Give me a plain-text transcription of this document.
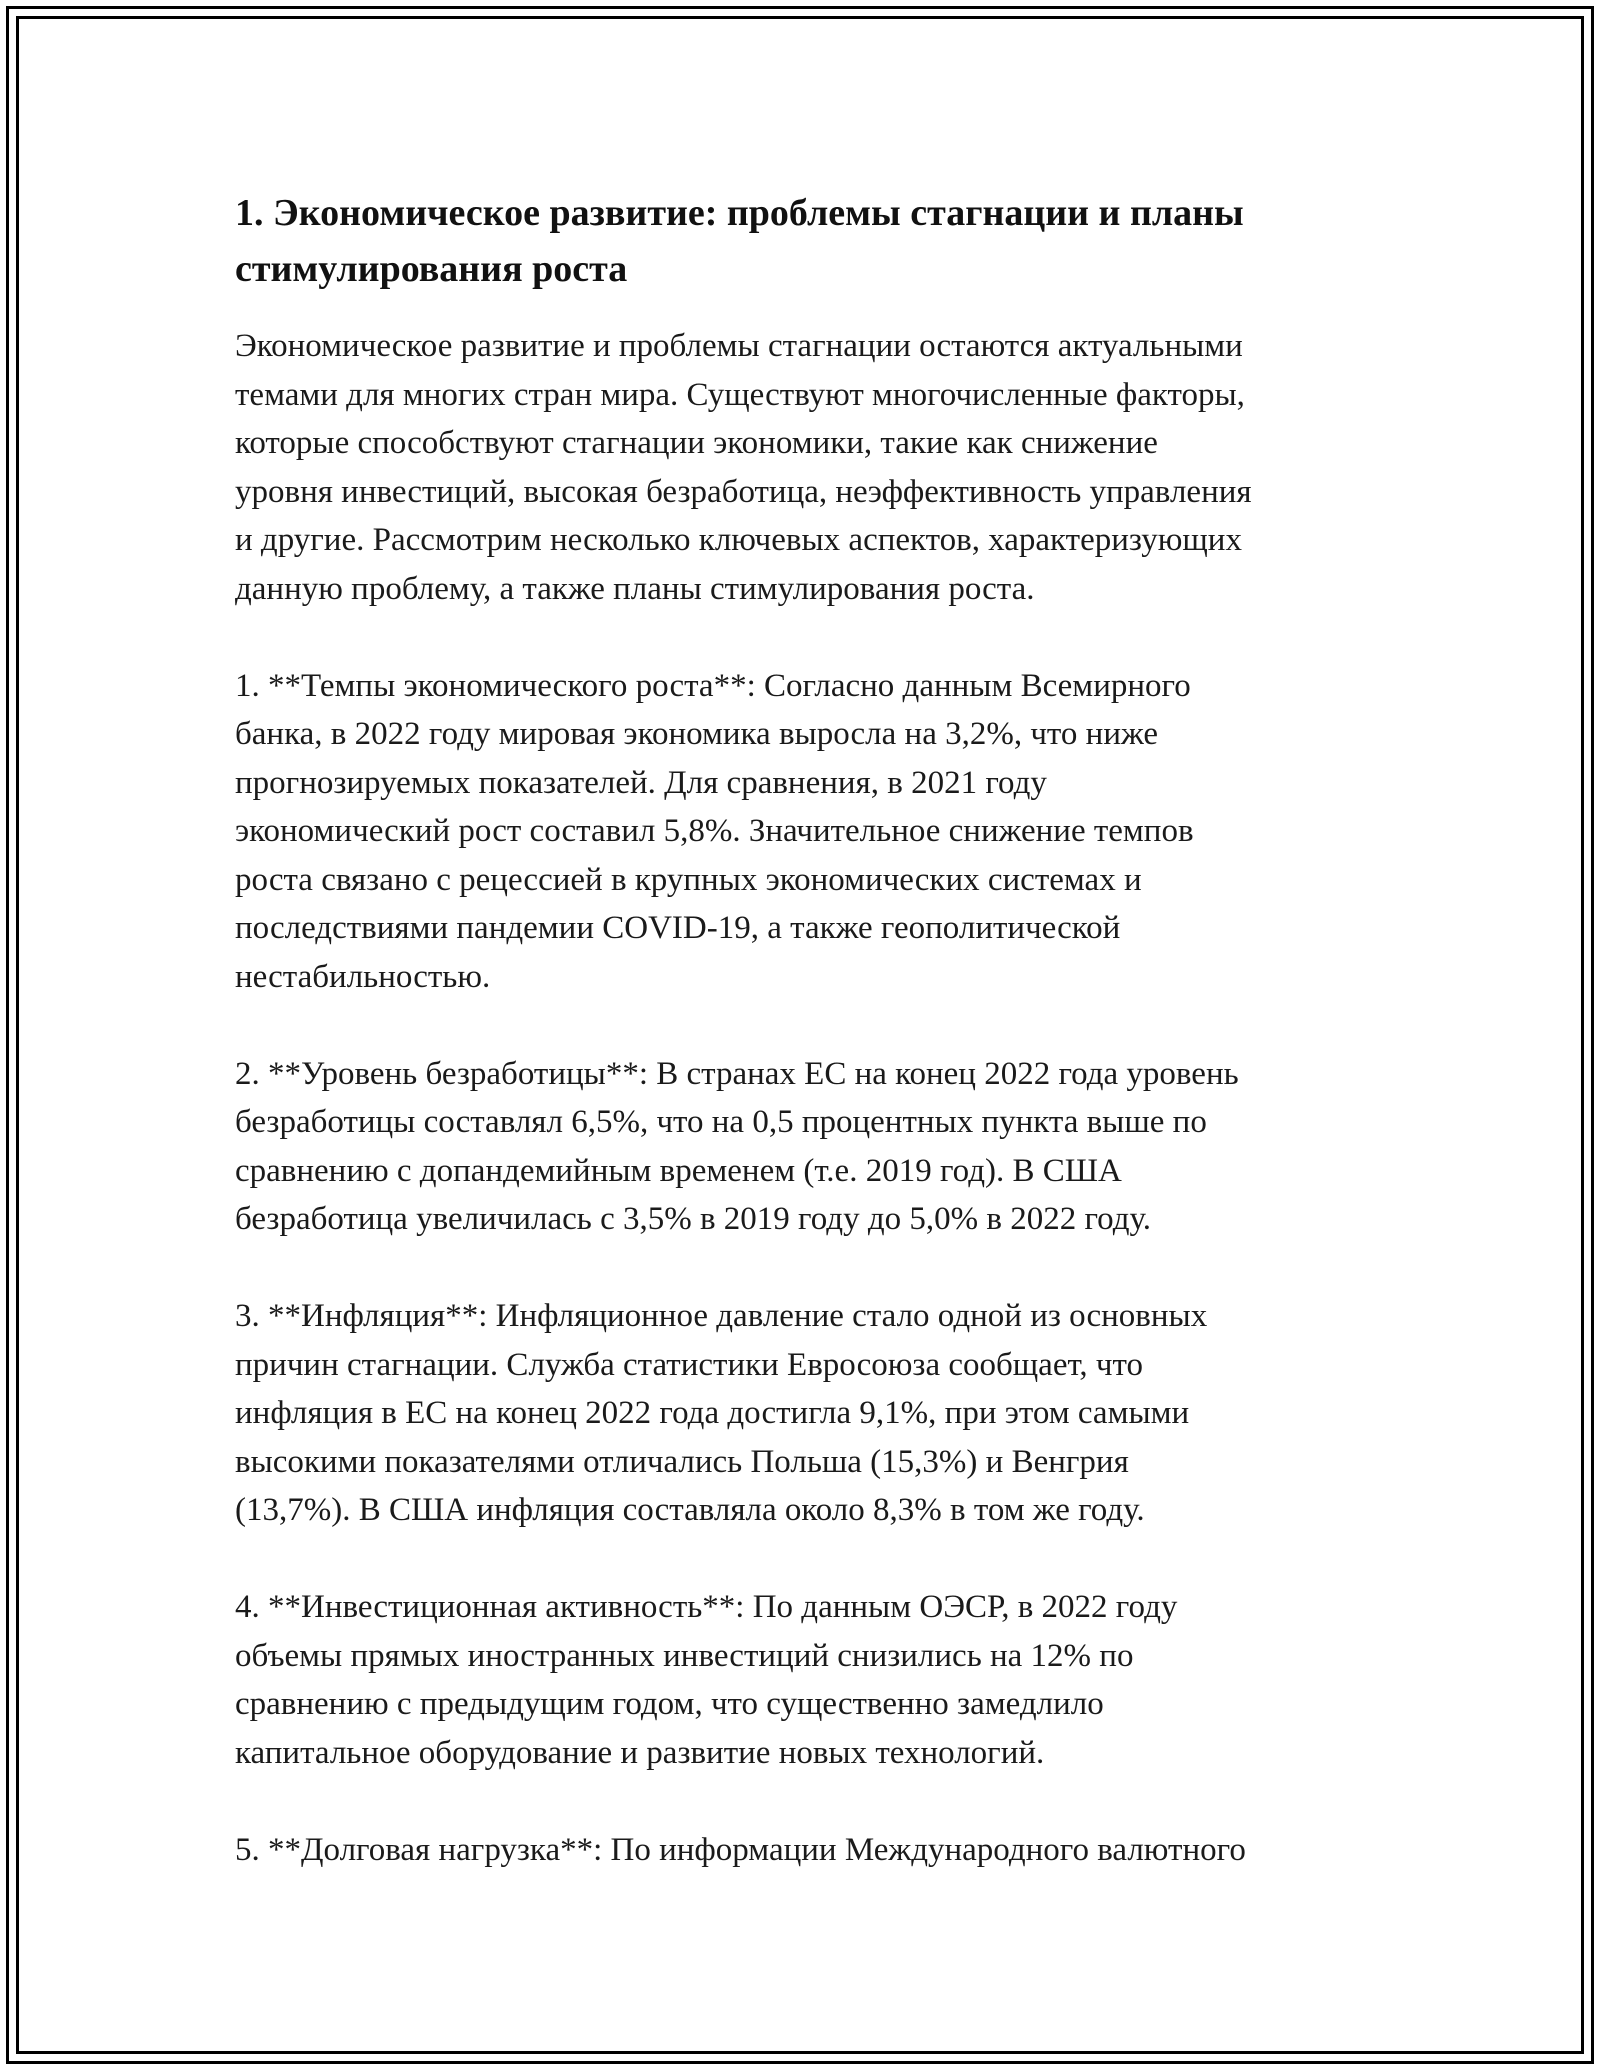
1. Экономическое развитие: проблемы стагнации и планы
стимулирования роста

Экономическое развитие и проблемы стагнации остаются актуальными
темами для многих стран мира. Существуют многочисленные факторы,
которые способствуют стагнации экономики, такие как снижение
уровня инвестиций, высокая безработица, неэффективность управления
и другие. Рассмотрим несколько ключевых аспектов, характеризующих
данную проблему, а также планы стимулирования роста.

1. **Темпы экономического роста**: Согласно данным Всемирного
банка, в 2022 году мировая экономика выросла на 3,2%, что ниже
прогнозируемых показателей. Для сравнения, в 2021 году
экономический рост составил 5,8%. Значительное снижение темпов
роста связано с рецессией в крупных экономических системах и
последствиями пандемии COVID-19, а также геополитической
нестабильностью.

2. **Уровень безработицы**: В странах ЕС на конец 2022 года уровень
безработицы составлял 6,5%, что на 0,5 процентных пункта выше по
сравнению с допандемийным временем (т.е. 2019 год). В США
безработица увеличилась с 3,5% в 2019 году до 5,0% в 2022 году.

3. **Инфляция**: Инфляционное давление стало одной из основных
причин стагнации. Служба статистики Евросоюза сообщает, что
инфляция в ЕС на конец 2022 года достигла 9,1%, при этом самыми
высокими показателями отличались Польша (15,3%) и Венгрия
(13,7%). В США инфляция составляла около 8,3% в том же году.

4. **Инвестиционная активность**: По данным ОЭСР, в 2022 году
объемы прямых иностранных инвестиций снизились на 12% по
сравнению с предыдущим годом, что существенно замедлило
капитальное оборудование и развитие новых технологий.

5. **Долговая нагрузка**: По информации Международного валютного
